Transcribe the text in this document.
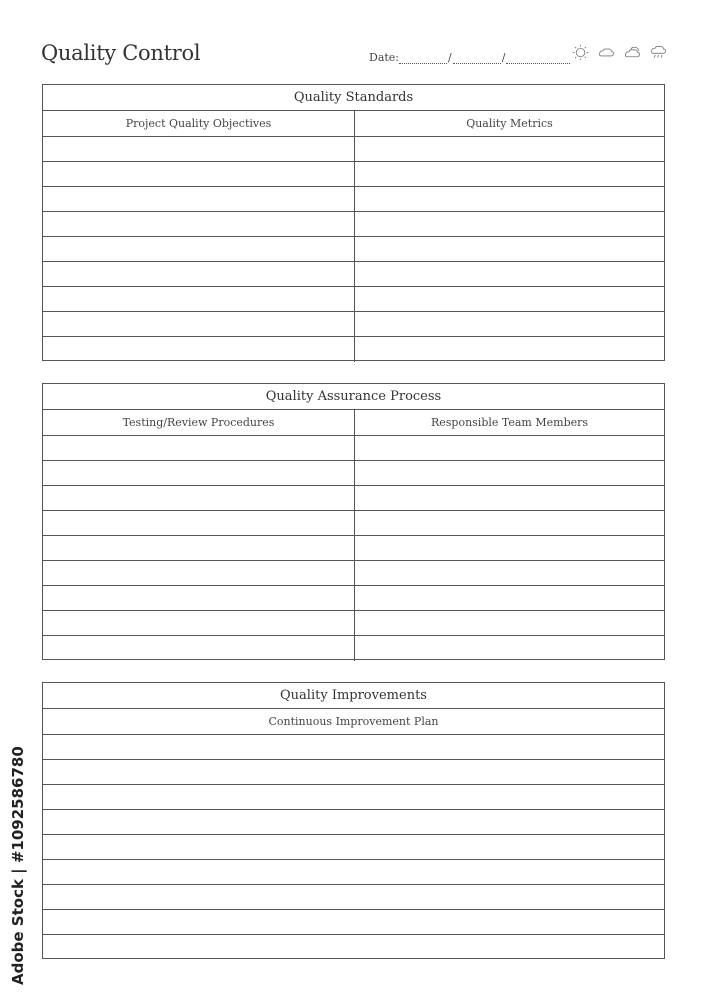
Quality Control	Date:	/	/
Quality Standards
Project Quality Objectives	Quality Metrics
Quality Assurance Process
Testing/Review Procedures	Responsible Team Members
Quality Improvements
Continuous Improvement Plan
Adobe Stock | #1092586780
